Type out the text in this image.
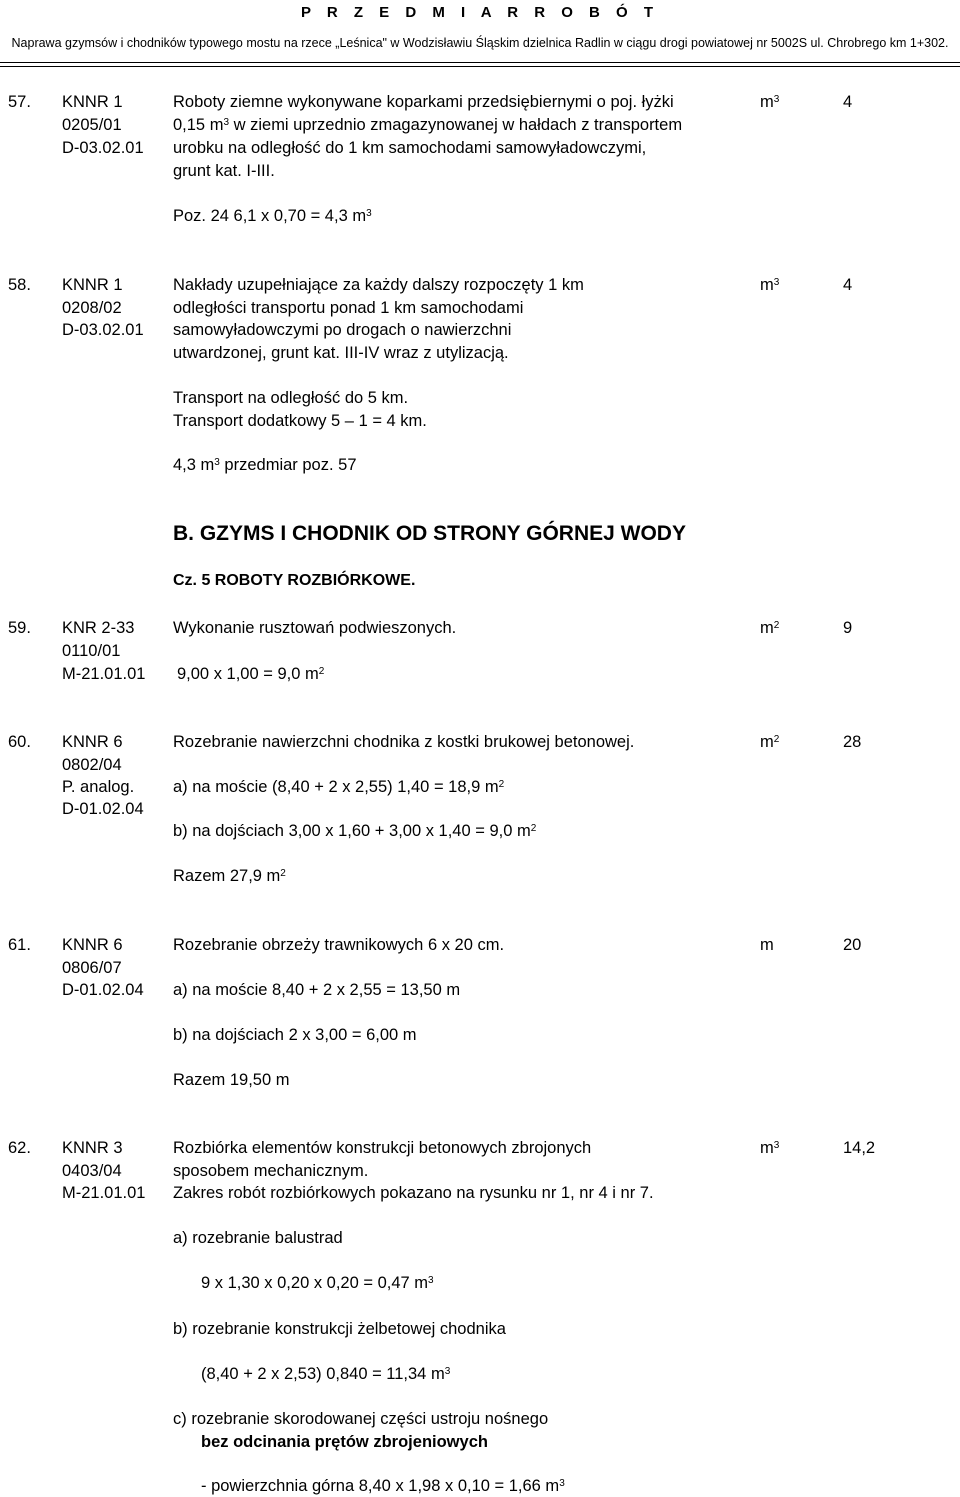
P R Z E D M I A R R O B Ó T
Naprawa gzymsów i chodników typowego mostu na rzece „Leśnica" w Wodzisławiu Śląskim dzielnica Radlin w ciągu drogi powiatowej nr 5002S ul. Chrobrego km 1+302.
57. KNNR 1
0205/01
D-03.02.01
Roboty ziemne wykonywane koparkami przedsiębiernymi o poj. łyżki
0,15 $m^3$ w ziemi uprzednio zmagazynowanej w hałdach z transportem
urobku na odległość do 1 km samochodami samowyładowczymi,
grunt kat. I-III.
$m^3$	4
Poz. 24 6,1 x 0,70 = 4,3 $m^3$
58. KNNR 1
0208/02
D-03.02.01
Nakłady uzupełniające za każdy dalszy rozpoczęty 1 km
odległości transportu ponad 1 km samochodami
samowyładowczymi po drogach o nawierzchni
utwardzonej, grunt kat. III-IV wraz z utylizacją.
$m^3$	4
Transport na odległość do 5 km.
Transport dodatkowy 5 – 1 = 4 km.
4,3 $m^3$ przedmiar poz. 57
B. GZYMS I CHODNIK OD STRONY GÓRNEJ WODY
Cz. 5 ROBOTY ROZBIÓRKOWE.
59. KNR 2-33
0110/01
M-21.01.01
Wykonanie rusztowań podwieszonych.	$m^2$	9
9,00 x 1,00 = 9,0 $m^2$
60. KNNR 6
0802/04
P. analog.
D-01.02.04
Rozebranie nawierzchni chodnika z kostki brukowej betonowej.	$m^2$	28
a) na moście (8,40 + 2 x 2,55) 1,40 = 18,9 $m^2$
b) na dojściach 3,00 x 1,60 + 3,00 x 1,40 = 9,0 $m^2$
Razem 27,9 $m^2$
61. KNNR 6
0806/07
D-01.02.04
Rozebranie obrzeży trawnikowych 6 x 20 cm.	m	20
a) na moście 8,40 + 2 x 2,55 = 13,50 m
b) na dojściach 2 x 3,00 = 6,00 m
Razem 19,50 m
62. KNNR 3
0403/04
M-21.01.01
Rozbiórka elementów konstrukcji betonowych zbrojonych
sposobem mechanicznym.
Zakres robót rozbiórkowych pokazano na rysunku nr 1, nr 4 i nr 7.
$m^3$	14,2
a) rozebranie balustrad
9 x 1,30 x 0,20 x 0,20 = 0,47 $m^3$
b) rozebranie konstrukcji żelbetowej chodnika
(8,40 + 2 x 2,53) 0,840 = 11,34 $m^3$
c) rozebranie skorodowanej części ustroju nośnego
bez odcinania prętów zbrojeniowych
- powierzchnia górna 8,40 x 1,98 x 0,10 = 1,66 $m^3$
